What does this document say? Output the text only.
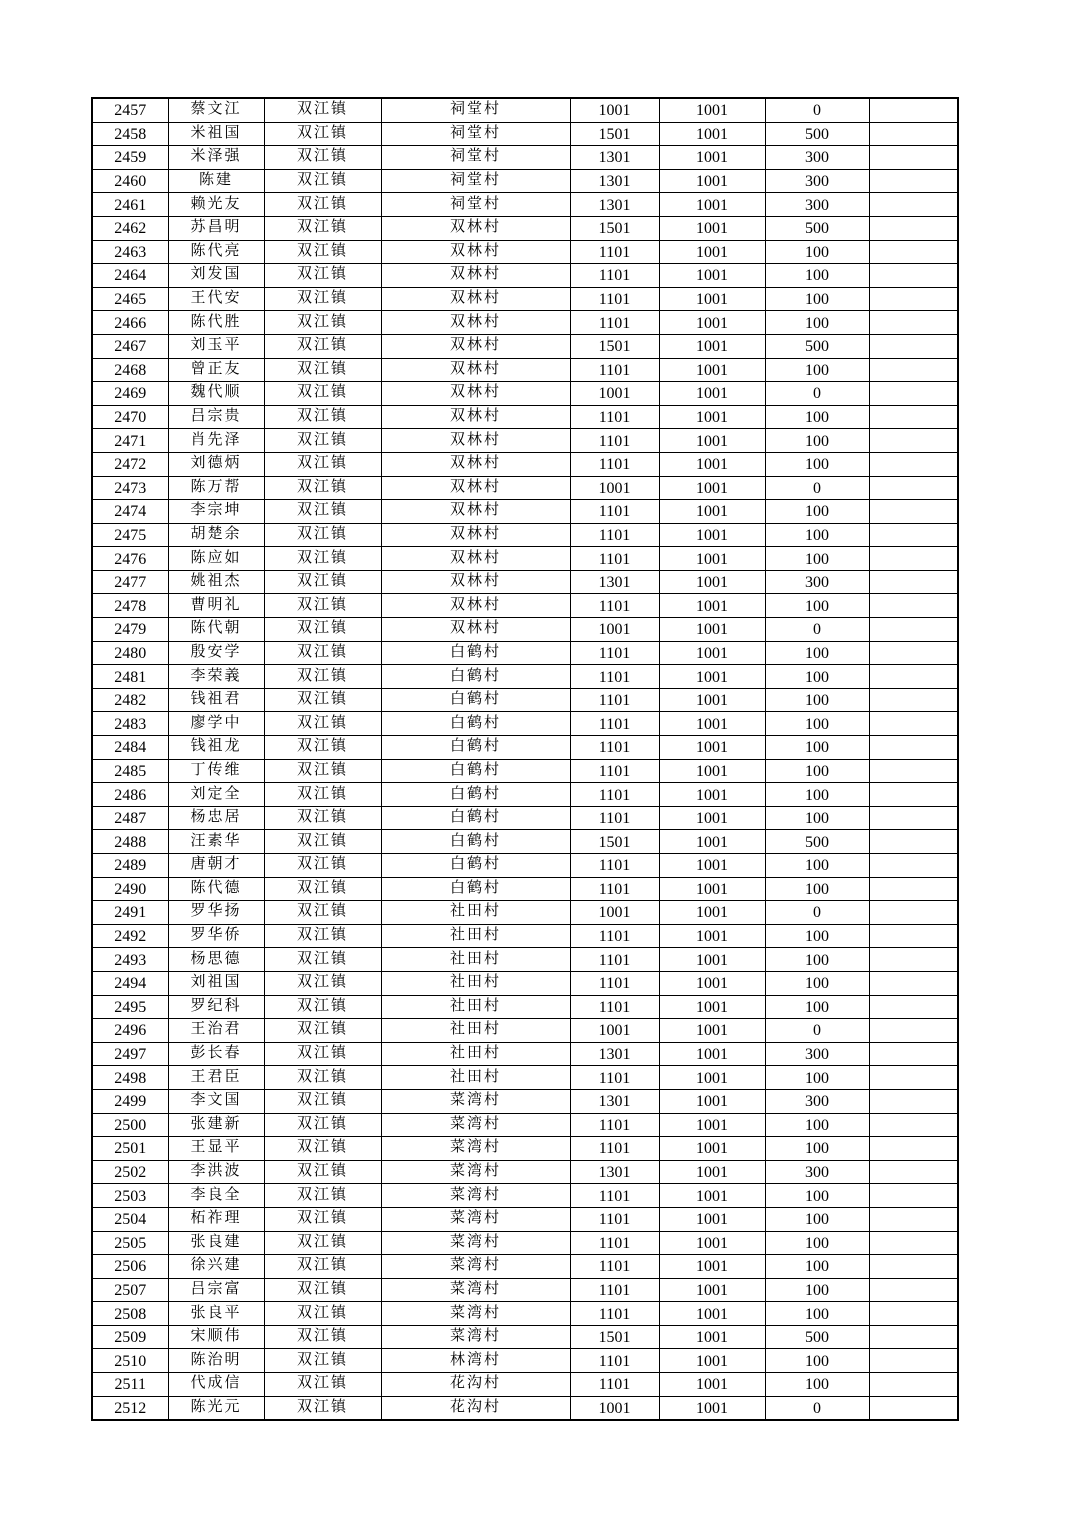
2457	蔡文江	双江镇	祠堂村	1001	1001	0	
2458	米祖国	双江镇	祠堂村	1501	1001	500	
2459	米泽强	双江镇	祠堂村	1301	1001	300	
2460	陈建	双江镇	祠堂村	1301	1001	300	
2461	赖光友	双江镇	祠堂村	1301	1001	300	
2462	苏昌明	双江镇	双林村	1501	1001	500	
2463	陈代亮	双江镇	双林村	1101	1001	100	
2464	刘发国	双江镇	双林村	1101	1001	100	
2465	王代安	双江镇	双林村	1101	1001	100	
2466	陈代胜	双江镇	双林村	1101	1001	100	
2467	刘玉平	双江镇	双林村	1501	1001	500	
2468	曾正友	双江镇	双林村	1101	1001	100	
2469	魏代顺	双江镇	双林村	1001	1001	0	
2470	吕宗贵	双江镇	双林村	1101	1001	100	
2471	肖先泽	双江镇	双林村	1101	1001	100	
2472	刘德炳	双江镇	双林村	1101	1001	100	
2473	陈万帮	双江镇	双林村	1001	1001	0	
2474	李宗坤	双江镇	双林村	1101	1001	100	
2475	胡楚余	双江镇	双林村	1101	1001	100	
2476	陈应如	双江镇	双林村	1101	1001	100	
2477	姚祖杰	双江镇	双林村	1301	1001	300	
2478	曹明礼	双江镇	双林村	1101	1001	100	
2479	陈代朝	双江镇	双林村	1001	1001	0	
2480	殷安学	双江镇	白鹤村	1101	1001	100	
2481	李荣義	双江镇	白鹤村	1101	1001	100	
2482	钱祖君	双江镇	白鹤村	1101	1001	100	
2483	廖学中	双江镇	白鹤村	1101	1001	100	
2484	钱祖龙	双江镇	白鹤村	1101	1001	100	
2485	丁传维	双江镇	白鹤村	1101	1001	100	
2486	刘定全	双江镇	白鹤村	1101	1001	100	
2487	杨忠居	双江镇	白鹤村	1101	1001	100	
2488	汪素华	双江镇	白鹤村	1501	1001	500	
2489	唐朝才	双江镇	白鹤村	1101	1001	100	
2490	陈代德	双江镇	白鹤村	1101	1001	100	
2491	罗华扬	双江镇	社田村	1001	1001	0	
2492	罗华侨	双江镇	社田村	1101	1001	100	
2493	杨思德	双江镇	社田村	1101	1001	100	
2494	刘祖国	双江镇	社田村	1101	1001	100	
2495	罗纪科	双江镇	社田村	1101	1001	100	
2496	王治君	双江镇	社田村	1001	1001	0	
2497	彭长春	双江镇	社田村	1301	1001	300	
2498	王君臣	双江镇	社田村	1101	1001	100	
2499	李文国	双江镇	菜湾村	1301	1001	300	
2500	张建新	双江镇	菜湾村	1101	1001	100	
2501	王显平	双江镇	菜湾村	1101	1001	100	
2502	李洪波	双江镇	菜湾村	1301	1001	300	
2503	李良全	双江镇	菜湾村	1101	1001	100	
2504	柘祚理	双江镇	菜湾村	1101	1001	100	
2505	张良建	双江镇	菜湾村	1101	1001	100	
2506	徐兴建	双江镇	菜湾村	1101	1001	100	
2507	吕宗富	双江镇	菜湾村	1101	1001	100	
2508	张良平	双江镇	菜湾村	1101	1001	100	
2509	宋顺伟	双江镇	菜湾村	1501	1001	500	
2510	陈治明	双江镇	林湾村	1101	1001	100	
2511	代成信	双江镇	花沟村	1101	1001	100	
2512	陈光元	双江镇	花沟村	1001	1001	0	
